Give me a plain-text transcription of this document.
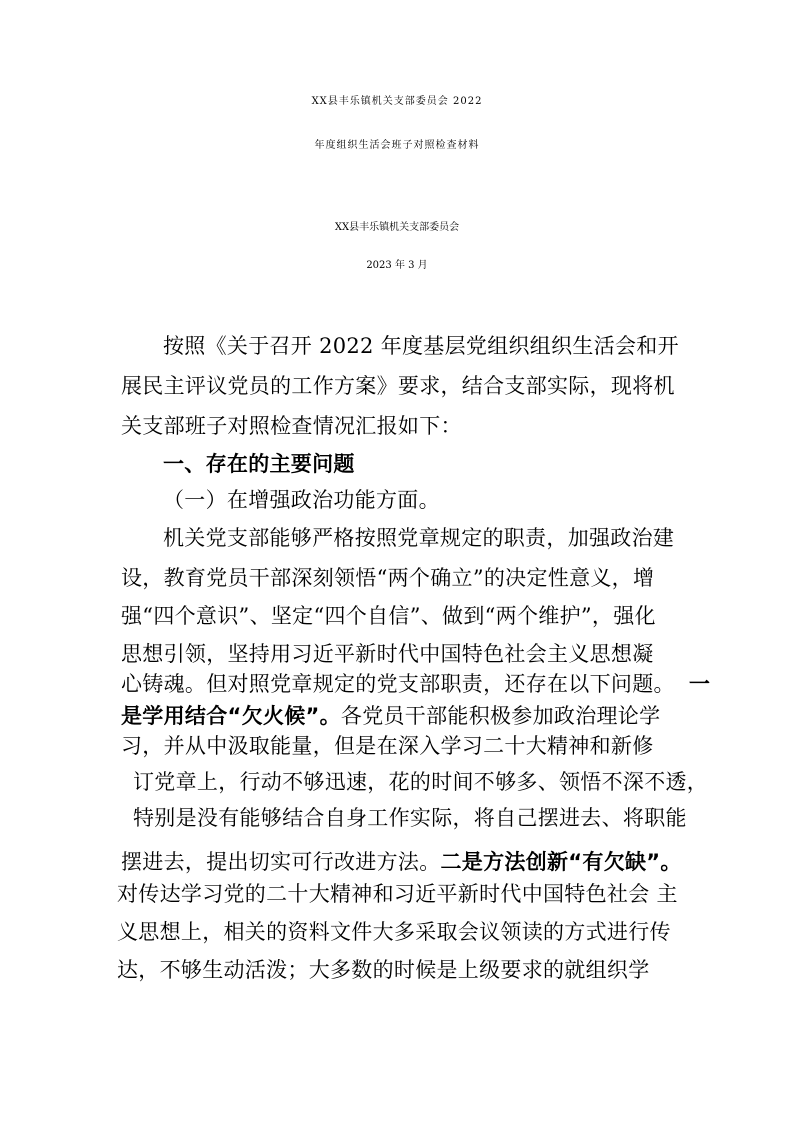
XX县丰乐镇机关支部委员会 2022
年度组织生活会班子对照检查材料
XX县丰乐镇机关支部委员会
2023 年 3 月
按照《关于召开 2022 年度基层党组织组织生活会和开
展民主评议党员的工作方案》要求，结合支部实际，现将机
关支部班子对照检查情况汇报如下：
一、存在的主要问题
（一）在增强政治功能方面。
机关党支部能够严格按照党章规定的职责，加强政治建
设，教育党员干部深刻领悟“两个确立”的决定性意义，增
强“四个意识”、坚定“四个自信”、做到“两个维护”，强化
思想引领，坚持用习近平新时代中国特色社会主义思想凝
心铸魂。但对照党章规定的党支部职责，还存在以下问题。 一
是学用结合“欠火候”。各党员干部能积极参加政治理论学
习，并从中汲取能量，但是在深入学习二十大精神和新修
订党章上，行动不够迅速，花的时间不够多、领悟不深不透，
特别是没有能够结合自身工作实际，将自己摆进去、将职能
摆进去，提出切实可行改进方法。二是方法创新“有欠缺”。
对传达学习党的二十大精神和习近平新时代中国特色社会 主
义思想上，相关的资料文件大多采取会议领读的方式进行传
达，不够生动活泼；大多数的时候是上级要求的就组织学
